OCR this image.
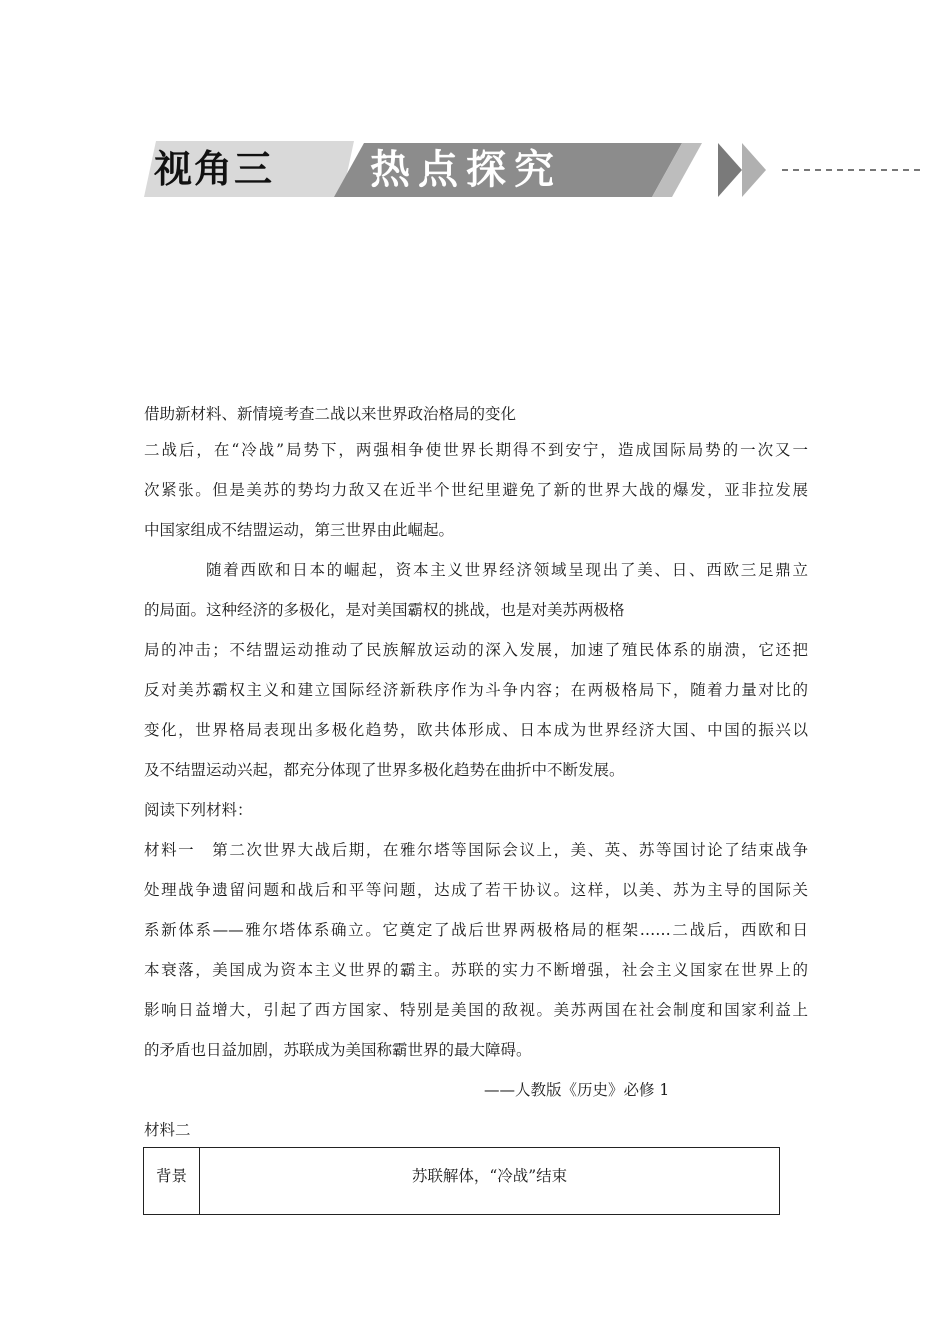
视角三 热点探究
借助新材料、新情境考查二战以来世界政治格局的变化
二战后，在“冷战”局势下，两强相争使世界长期得不到安宁，造成国际局势的一次又一
次紧张。但是美苏的势均力敌又在近半个世纪里避免了新的世界大战的爆发，亚非拉发展
中国家组成不结盟运动，第三世界由此崛起。
随着西欧和日本的崛起，资本主义世界经济领域呈现出了美、日、西欧三足鼎立
的局面。这种经济的多极化，是对美国霸权的挑战，也是对美苏两极格
局的冲击；不结盟运动推动了民族解放运动的深入发展，加速了殖民体系的崩溃，它还把
反对美苏霸权主义和建立国际经济新秩序作为斗争内容；在两极格局下，随着力量对比的
变化，世界格局表现出多极化趋势，欧共体形成、日本成为世界经济大国、中国的振兴以
及不结盟运动兴起，都充分体现了世界多极化趋势在曲折中不断发展。
阅读下列材料：
材料一　第二次世界大战后期，在雅尔塔等国际会议上，美、英、苏等国讨论了结束战争
处理战争遗留问题和战后和平等问题，达成了若干协议。这样，以美、苏为主导的国际关
系新体系——雅尔塔体系确立。它奠定了战后世界两极格局的框架……二战后，西欧和日
本衰落，美国成为资本主义世界的霸主。苏联的实力不断增强，社会主义国家在世界上的
影响日益增大，引起了西方国家、特别是美国的敌视。美苏两国在社会制度和国家利益上
的矛盾也日益加剧，苏联成为美国称霸世界的最大障碍。
——人教版《历史》必修 1
材料二
背景	苏联解体，“冷战”结束
